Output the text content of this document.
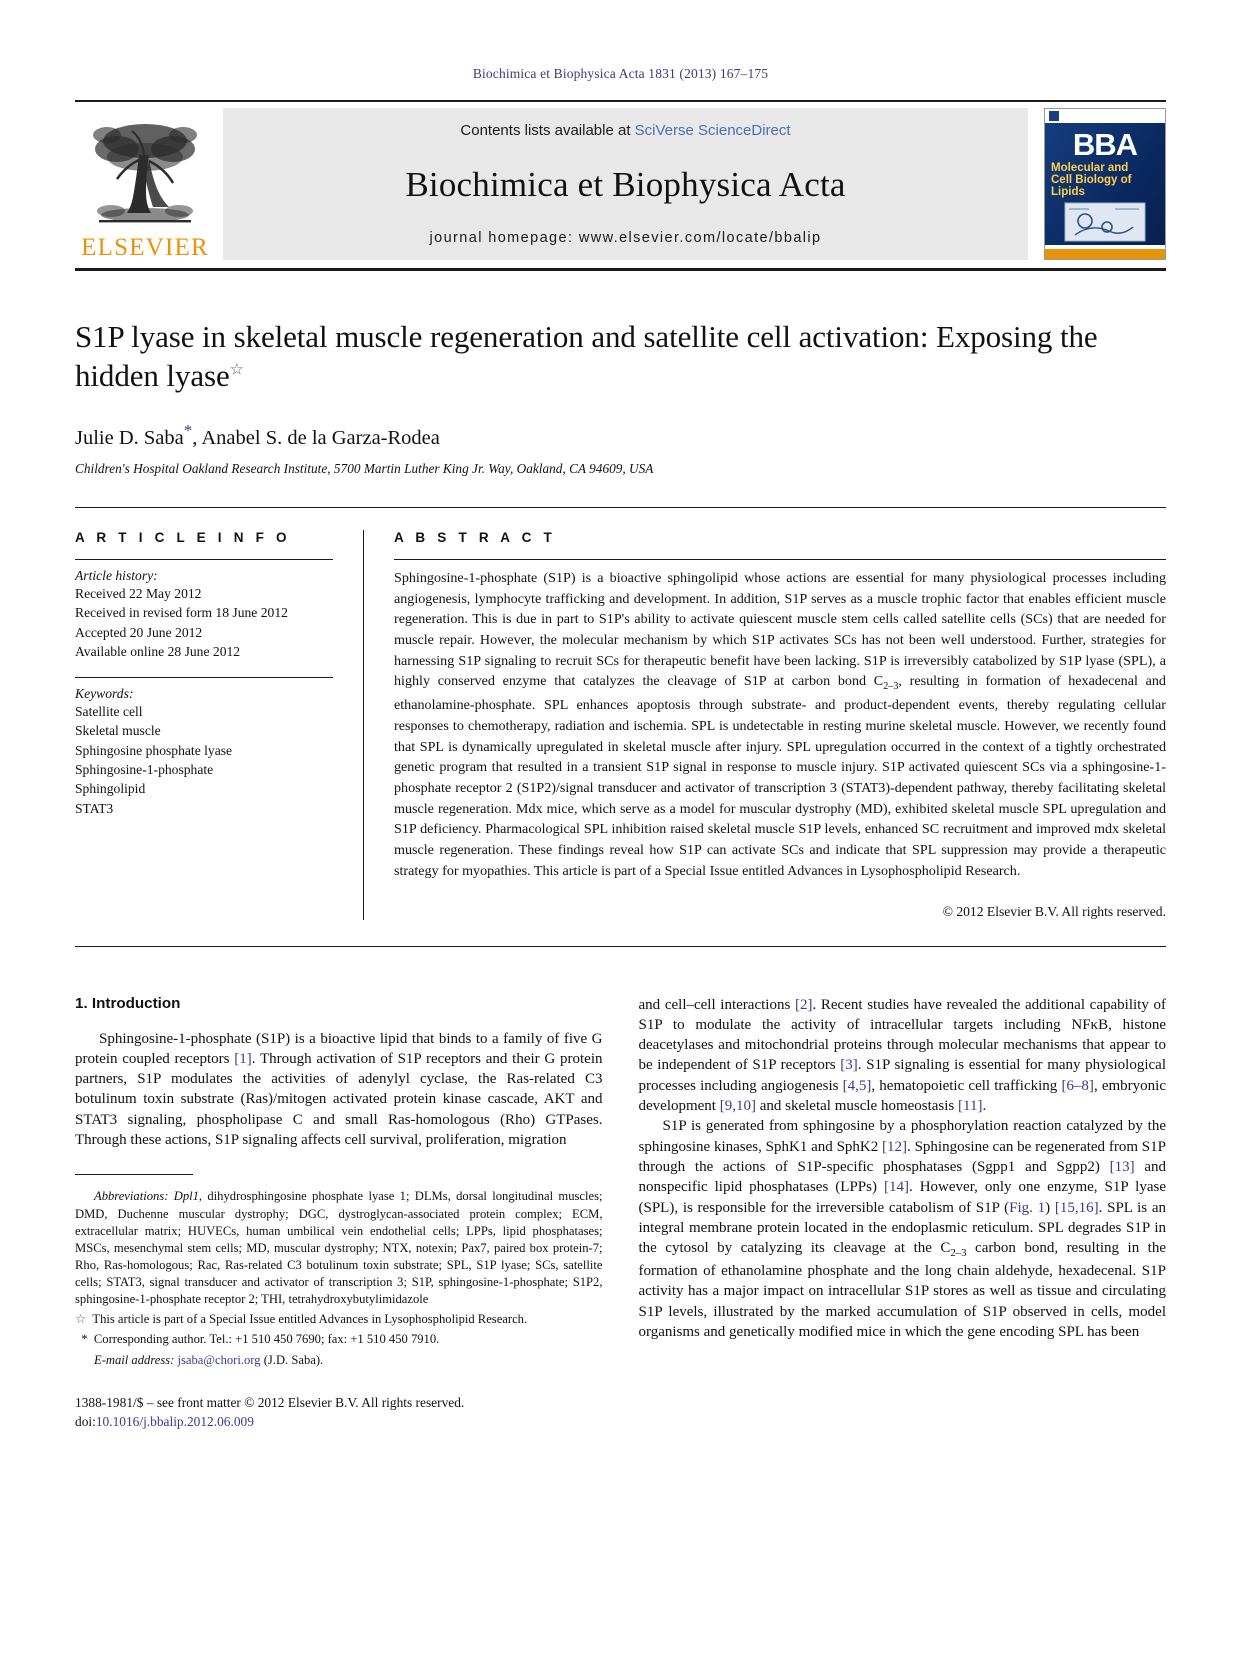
Biochimica et Biophysica Acta 1831 (2013) 167–175
ELSEVIER
Contents lists available at SciVerse ScienceDirect
Biochimica et Biophysica Acta
journal homepage: www.elsevier.com/locate/bbalip
BBA
Molecular and
Cell Biology of
Lipids
S1P lyase in skeletal muscle regeneration and satellite cell activation: Exposing the hidden lyase☆
Julie D. Saba*, Anabel S. de la Garza-Rodea
Children's Hospital Oakland Research Institute, 5700 Martin Luther King Jr. Way, Oakland, CA 94609, USA
A R T I C L E I N F O
Article history:
Received 22 May 2012
Received in revised form 18 June 2012
Accepted 20 June 2012
Available online 28 June 2012
Keywords:
Satellite cell
Skeletal muscle
Sphingosine phosphate lyase
Sphingosine-1-phosphate
Sphingolipid
STAT3
A B S T R A C T

Sphingosine-1-phosphate (S1P) is a bioactive sphingolipid whose actions are essential for many physiological processes including angiogenesis, lymphocyte trafficking and development. In addition, S1P serves as a muscle trophic factor that enables efficient muscle regeneration. This is due in part to S1P's ability to activate quiescent muscle stem cells called satellite cells (SCs) that are needed for muscle repair. However, the molecular mechanism by which S1P activates SCs has not been well understood. Further, strategies for harnessing S1P signaling to recruit SCs for therapeutic benefit have been lacking. S1P is irreversibly catabolized by S1P lyase (SPL), a highly conserved enzyme that catalyzes the cleavage of S1P at carbon bond $C_{2-3}$, resulting in formation of hexadecenal and ethanolamine-phosphate. SPL enhances apoptosis through substrate- and product-dependent events, thereby regulating cellular responses to chemotherapy, radiation and ischemia. SPL is undetectable in resting murine skeletal muscle. However, we recently found that SPL is dynamically upregulated in skeletal muscle after injury. SPL upregulation occurred in the context of a tightly orchestrated genetic program that resulted in a transient S1P signal in response to muscle injury. S1P activated quiescent SCs via a sphingosine-1-phosphate receptor 2 (S1P2)/signal transducer and activator of transcription 3 (STAT3)-dependent pathway, thereby facilitating skeletal muscle regeneration. Mdx mice, which serve as a model for muscular dystrophy (MD), exhibited skeletal muscle SPL upregulation and S1P deficiency. Pharmacological SPL inhibition raised skeletal muscle S1P levels, enhanced SC recruitment and improved mdx skeletal muscle regeneration. These findings reveal how S1P can activate SCs and indicate that SPL suppression may provide a therapeutic strategy for myopathies. This article is part of a Special Issue entitled Advances in Lysophospholipid Research.

© 2012 Elsevier B.V. All rights reserved.
1. Introduction

Sphingosine-1-phosphate (S1P) is a bioactive lipid that binds to a family of five G protein coupled receptors [1]. Through activation of S1P receptors and their G protein partners, S1P modulates the activities of adenylyl cyclase, the Ras-related C3 botulinum toxin substrate (Ras)/mitogen activated protein kinase cascade, AKT and STAT3 signaling, phospholipase C and small Ras-homologous (Rho) GTPases. Through these actions, S1P signaling affects cell survival, proliferation, migration

Abbreviations: Dpl1, dihydrosphingosine phosphate lyase 1; DLMs, dorsal longitudinal muscles; DMD, Duchenne muscular dystrophy; DGC, dystroglycan-associated protein complex; ECM, extracellular matrix; HUVECs, human umbilical vein endothelial cells; LPPs, lipid phosphatases; MSCs, mesenchymal stem cells; MD, muscular dystrophy; NTX, notexin; Pax7, paired box protein-7; Rho, Ras-homologous; Rac, Ras-related C3 botulinum toxin substrate; SPL, S1P lyase; SCs, satellite cells; STAT3, signal transducer and activator of transcription 3; S1P, sphingosine-1-phosphate; S1P2, sphingosine-1-phosphate receptor 2; THI, tetrahydroxybutylimidazole

☆ This article is part of a Special Issue entitled Advances in Lysophospholipid Research.

* Corresponding author. Tel.: +1 510 450 7690; fax: +1 510 450 7910.

E-mail address: jsaba@chori.org (J.D. Saba).

1388-1981/$ – see front matter © 2012 Elsevier B.V. All rights reserved.
doi:10.1016/j.bbalip.2012.06.009

and cell–cell interactions [2]. Recent studies have revealed the additional capability of S1P to modulate the activity of intracellular targets including NFκB, histone deacetylases and mitochondrial proteins through molecular mechanisms that appear to be independent of S1P receptors [3]. S1P signaling is essential for many physiological processes including angiogenesis [4,5], hematopoietic cell trafficking [6–8], embryonic development [9,10] and skeletal muscle homeostasis [11].

S1P is generated from sphingosine by a phosphorylation reaction catalyzed by the sphingosine kinases, SphK1 and SphK2 [12]. Sphingosine can be regenerated from S1P through the actions of S1P-specific phosphatases (Sgpp1 and Sgpp2) [13] and nonspecific lipid phosphatases (LPPs) [14]. However, only one enzyme, S1P lyase (SPL), is responsible for the irreversible catabolism of S1P (Fig. 1) [15,16]. SPL is an integral membrane protein located in the endoplasmic reticulum. SPL degrades S1P in the cytosol by catalyzing its cleavage at the $C_{2-3}$ carbon bond, resulting in the formation of ethanolamine phosphate and the long chain aldehyde, hexadecenal. S1P activity has a major impact on intracellular S1P stores as well as tissue and circulating S1P levels, illustrated by the marked accumulation of S1P observed in cells, model organisms and genetically modified mice in which the gene encoding SPL has been
